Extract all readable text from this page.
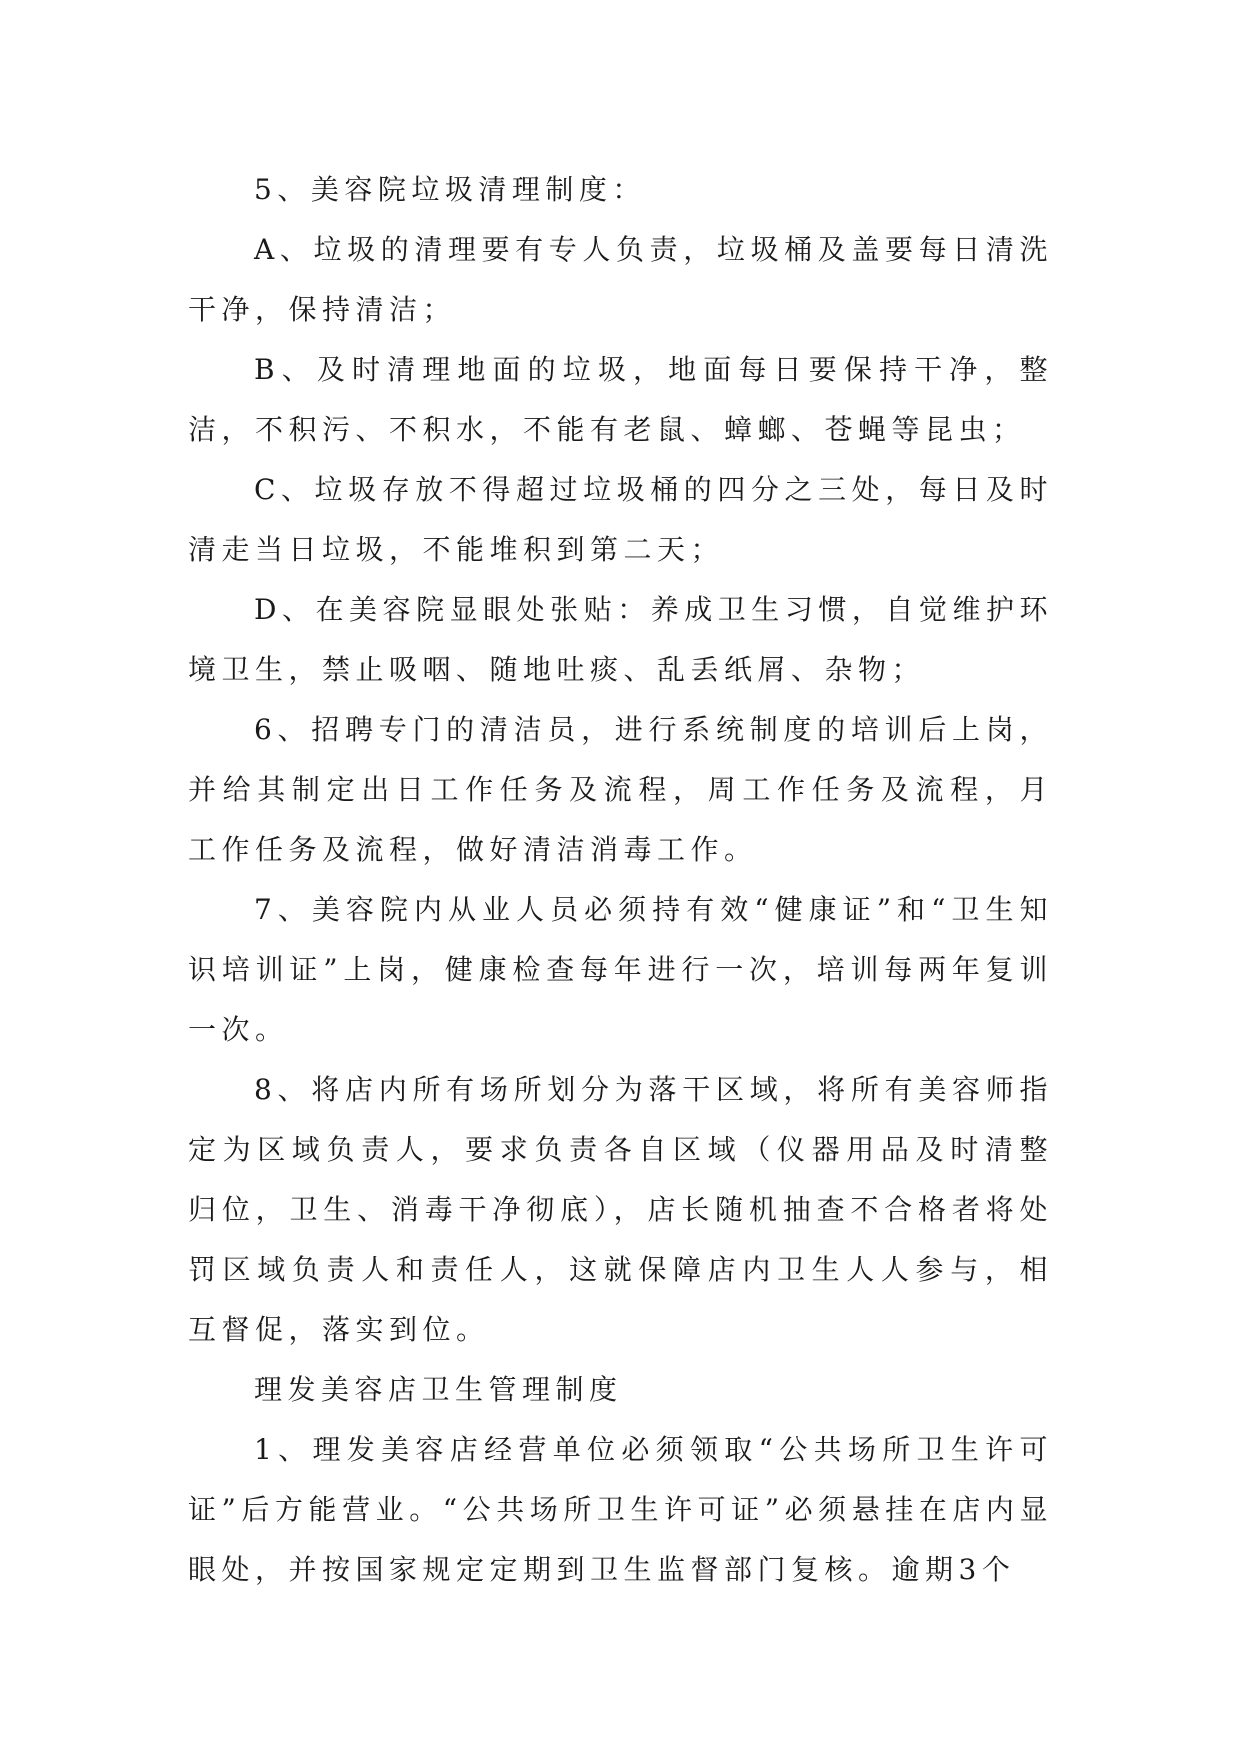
5、美容院垃圾清理制度：

A、垃圾的清理要有专人负责，垃圾桶及盖要每日清洗干净，保持清洁；

B、及时清理地面的垃圾，地面每日要保持干净，整洁，不积污、不积水，不能有老鼠、蟑螂、苍蝇等昆虫；

C、垃圾存放不得超过垃圾桶的四分之三处，每日及时清走当日垃圾，不能堆积到第二天；

D、在美容院显眼处张贴：养成卫生习惯，自觉维护环境卫生，禁止吸咽、随地吐痰、乱丢纸屑、杂物；

6、招聘专门的清洁员，进行系统制度的培训后上岗，并给其制定出日工作任务及流程，周工作任务及流程，月工作任务及流程，做好清洁消毒工作。

7、美容院内从业人员必须持有效“健康证”和“卫生知识培训证”上岗，健康检查每年进行一次，培训每两年复训一次。

8、将店内所有场所划分为落干区域，将所有美容师指定为区域负责人，要求负责各自区域（仪器用品及时清整归位，卫生、消毒干净彻底），店长随机抽查不合格者将处罚区域负责人和责任人，这就保障店内卫生人人参与，相互督促，落实到位。

理发美容店卫生管理制度

1、理发美容店经营单位必须领取“公共场所卫生许可证”后方能营业。“公共场所卫生许可证”必须悬挂在店内显眼处，并按国家规定定期到卫生监督部门复核。逾期3个
